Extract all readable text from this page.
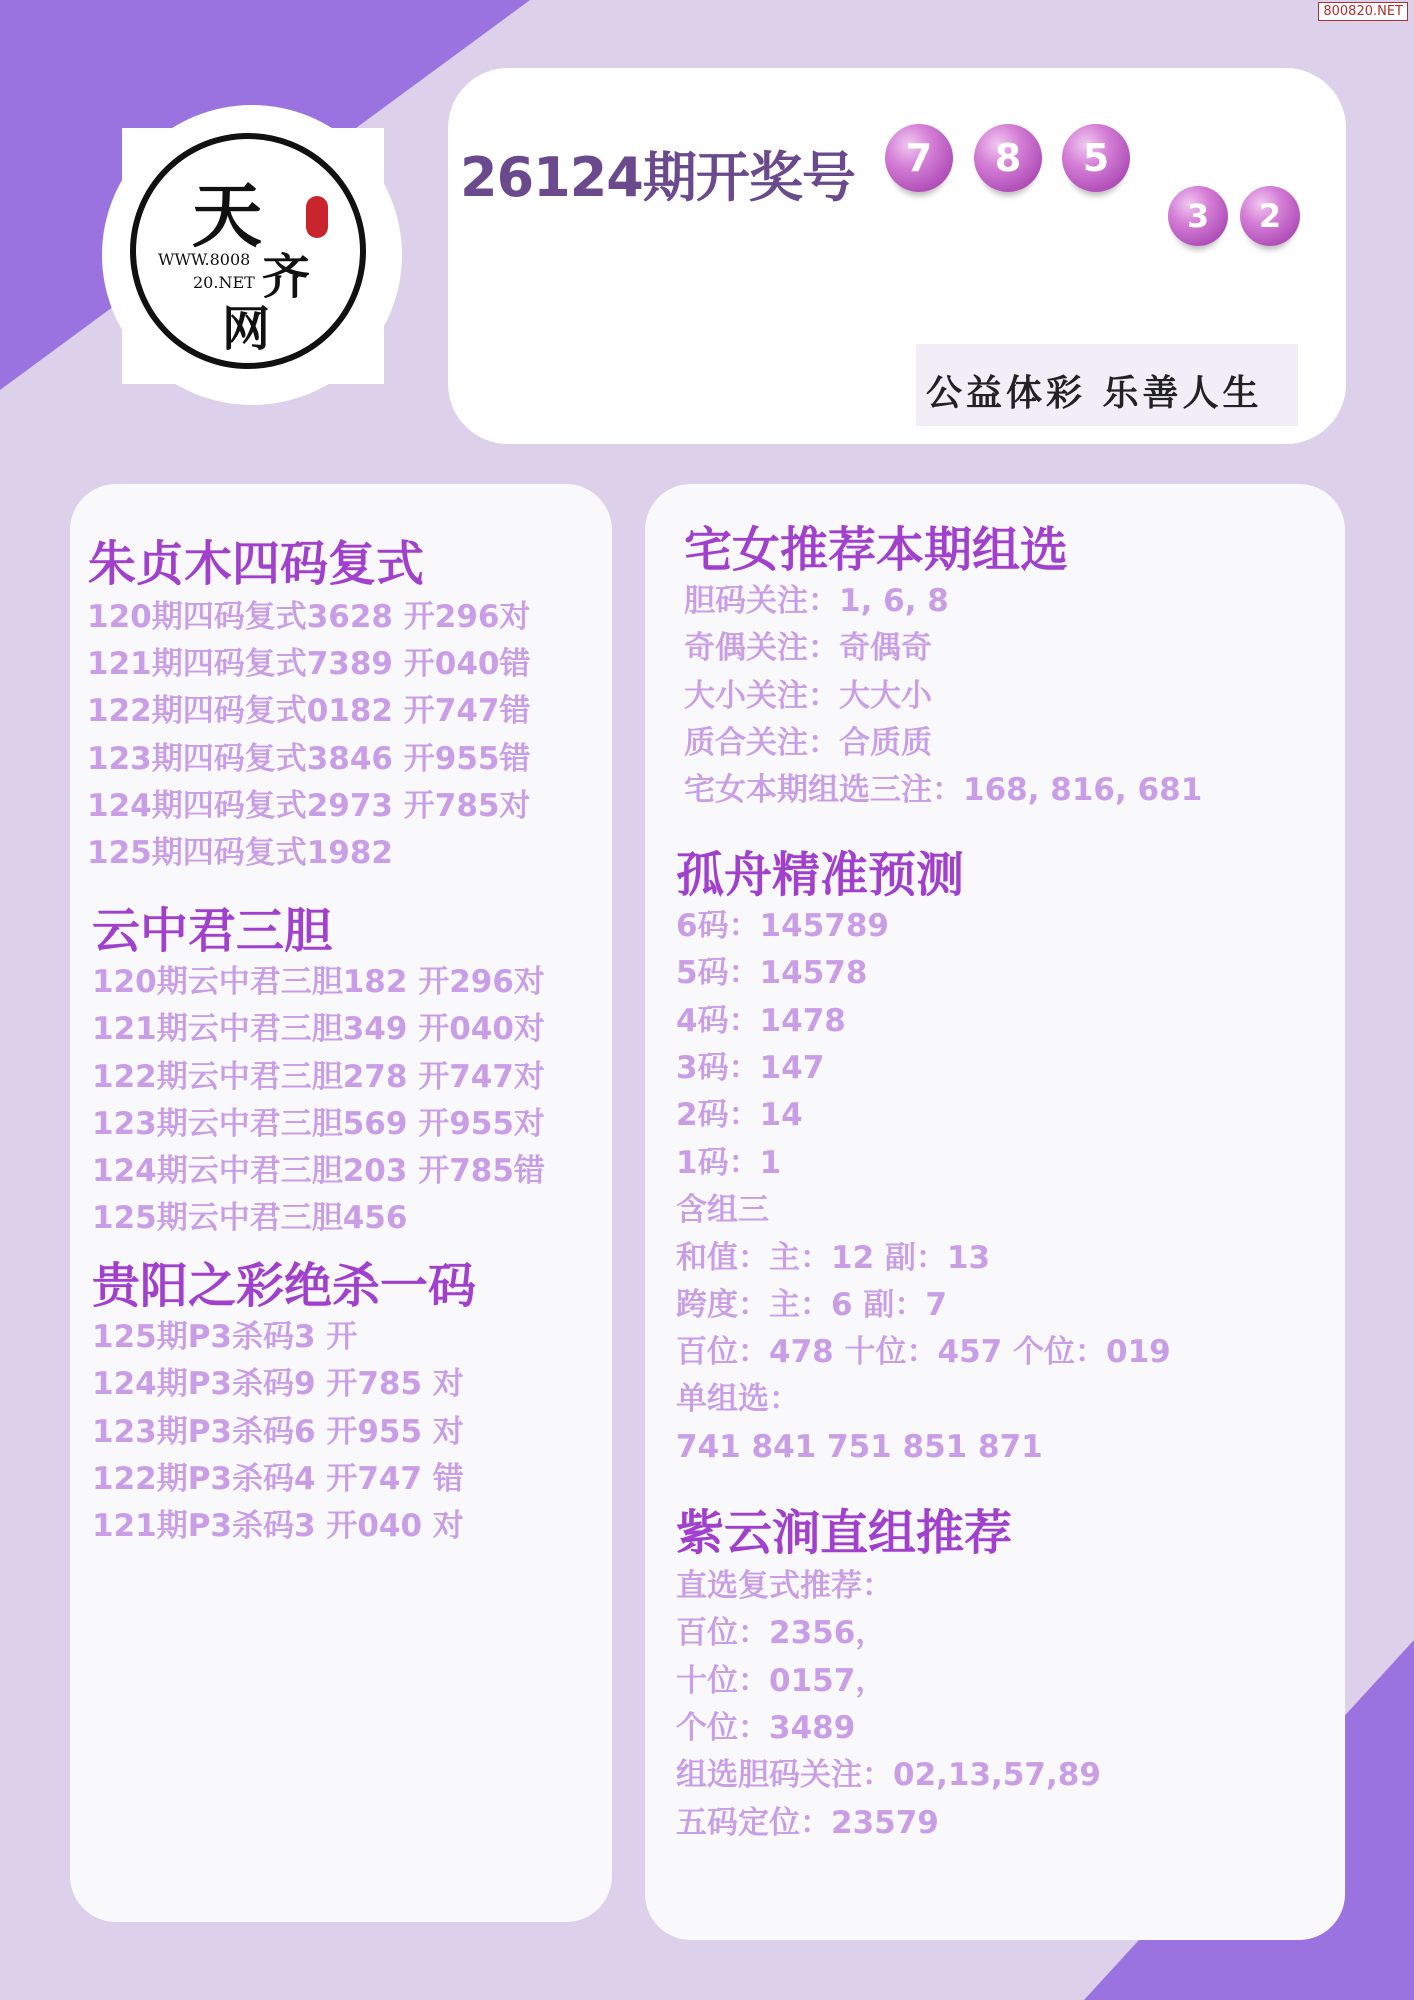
800820.NET
天
齐
网
WWW.8008
20.NET
26124期开奖号	7	8	5
3	2
公益体彩 乐善人生
朱贞木四码复式
120期四码复式3628 开296对
121期四码复式7389 开040错
122期四码复式0182 开747错
123期四码复式3846 开955错
124期四码复式2973 开785对
125期四码复式1982
云中君三胆
120期云中君三胆182 开296对
121期云中君三胆349 开040对
122期云中君三胆278 开747对
123期云中君三胆569 开955对
124期云中君三胆203 开785错
125期云中君三胆456
贵阳之彩绝杀一码
125期P3杀码3 开
124期P3杀码9 开785 对
123期P3杀码6 开955 对
122期P3杀码4 开747 错
121期P3杀码3 开040 对
宅女推荐本期组选
胆码关注：1, 6, 8
奇偶关注：奇偶奇
大小关注：大大小
质合关注：合质质
宅女本期组选三注：168, 816, 681
孤舟精准预测
6码：145789
5码：14578
4码：1478
3码：147
2码：14
1码：1
含组三
和值：主：12 副：13
跨度：主：6 副：7
百位：478 十位：457 个位：019
单组选：
741 841 751 851 871
紫云涧直组推荐
直选复式推荐：
百位：2356，
十位：0157，
个位：3489
组选胆码关注：02,13,57,89
五码定位：23579
